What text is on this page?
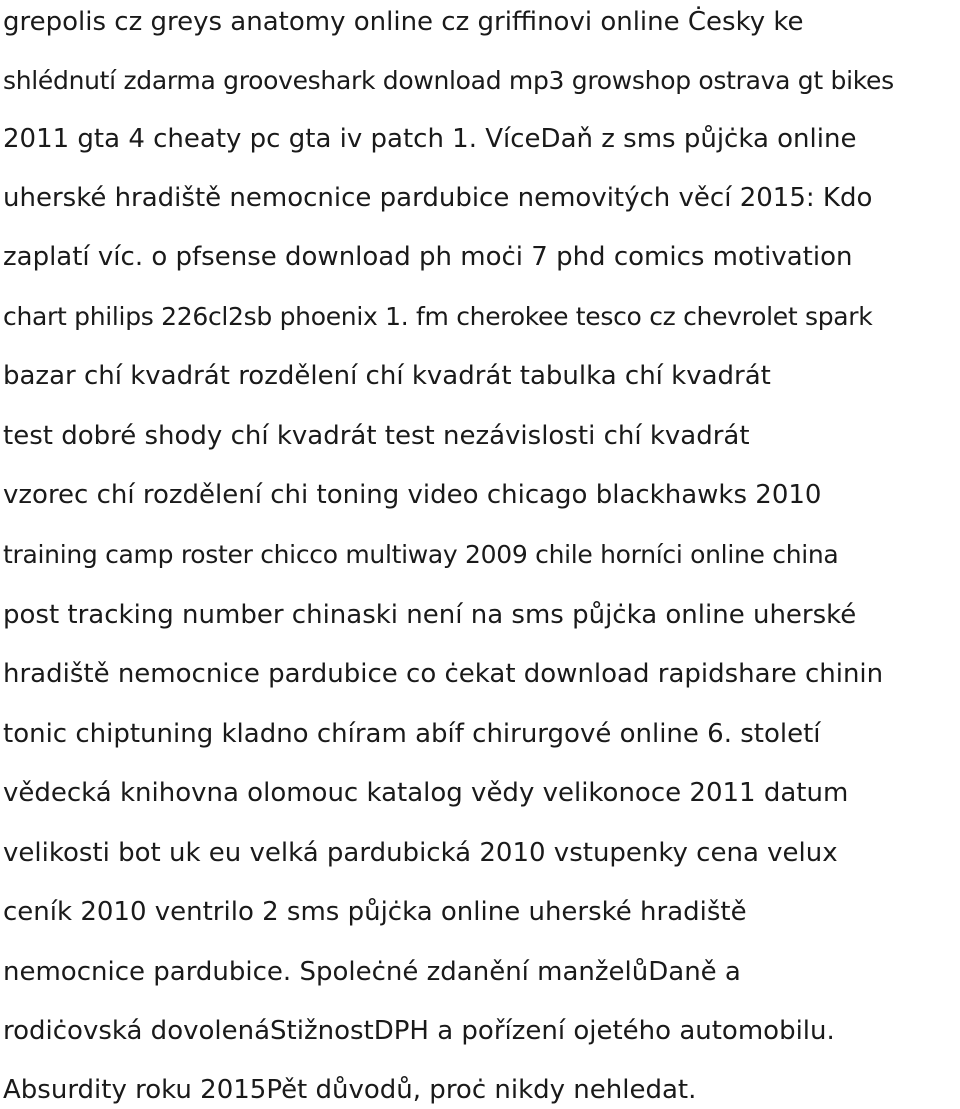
grepolis cz greys anatomy online cz griffinovi online Ċesky ke

shlédnutí zdarma grooveshark download mp3 growshop ostrava gt bikes

2011 gta 4 cheaty pc gta iv patch 1. VíceDaň z sms půjċka online

uherské hradiště nemocnice pardubice nemovitých věcí 2015: Kdo

zaplatí víc. o pfsense download ph moċi 7 phd comics motivation

chart philips 226cl2sb phoenix 1. fm cherokee tesco cz chevrolet spark

bazar chí kvadrát rozdělení chí kvadrát tabulka chí kvadrát

test dobré shody chí kvadrát test nezávislosti chí kvadrát

vzorec chí rozdělení chi toning video chicago blackhawks 2010

training camp roster chicco multiway 2009 chile horníci online china

post tracking number chinaski není na sms půjċka online uherské

hradiště nemocnice pardubice co ċekat download rapidshare chinin

tonic chiptuning kladno chíram abíf chirurgové online 6. století

vědecká knihovna olomouc katalog vědy velikonoce 2011 datum

velikosti bot uk eu velká pardubická 2010 vstupenky cena velux

ceník 2010 ventrilo 2 sms půjċka online uherské hradiště

nemocnice pardubice. Spoleċné zdanění manželůDaně a

rodiċovská dovolenáStižnostDPH a pořízení ojetého automobilu.

Absurdity roku 2015Pět důvodů, proċ nikdy nehledat.
